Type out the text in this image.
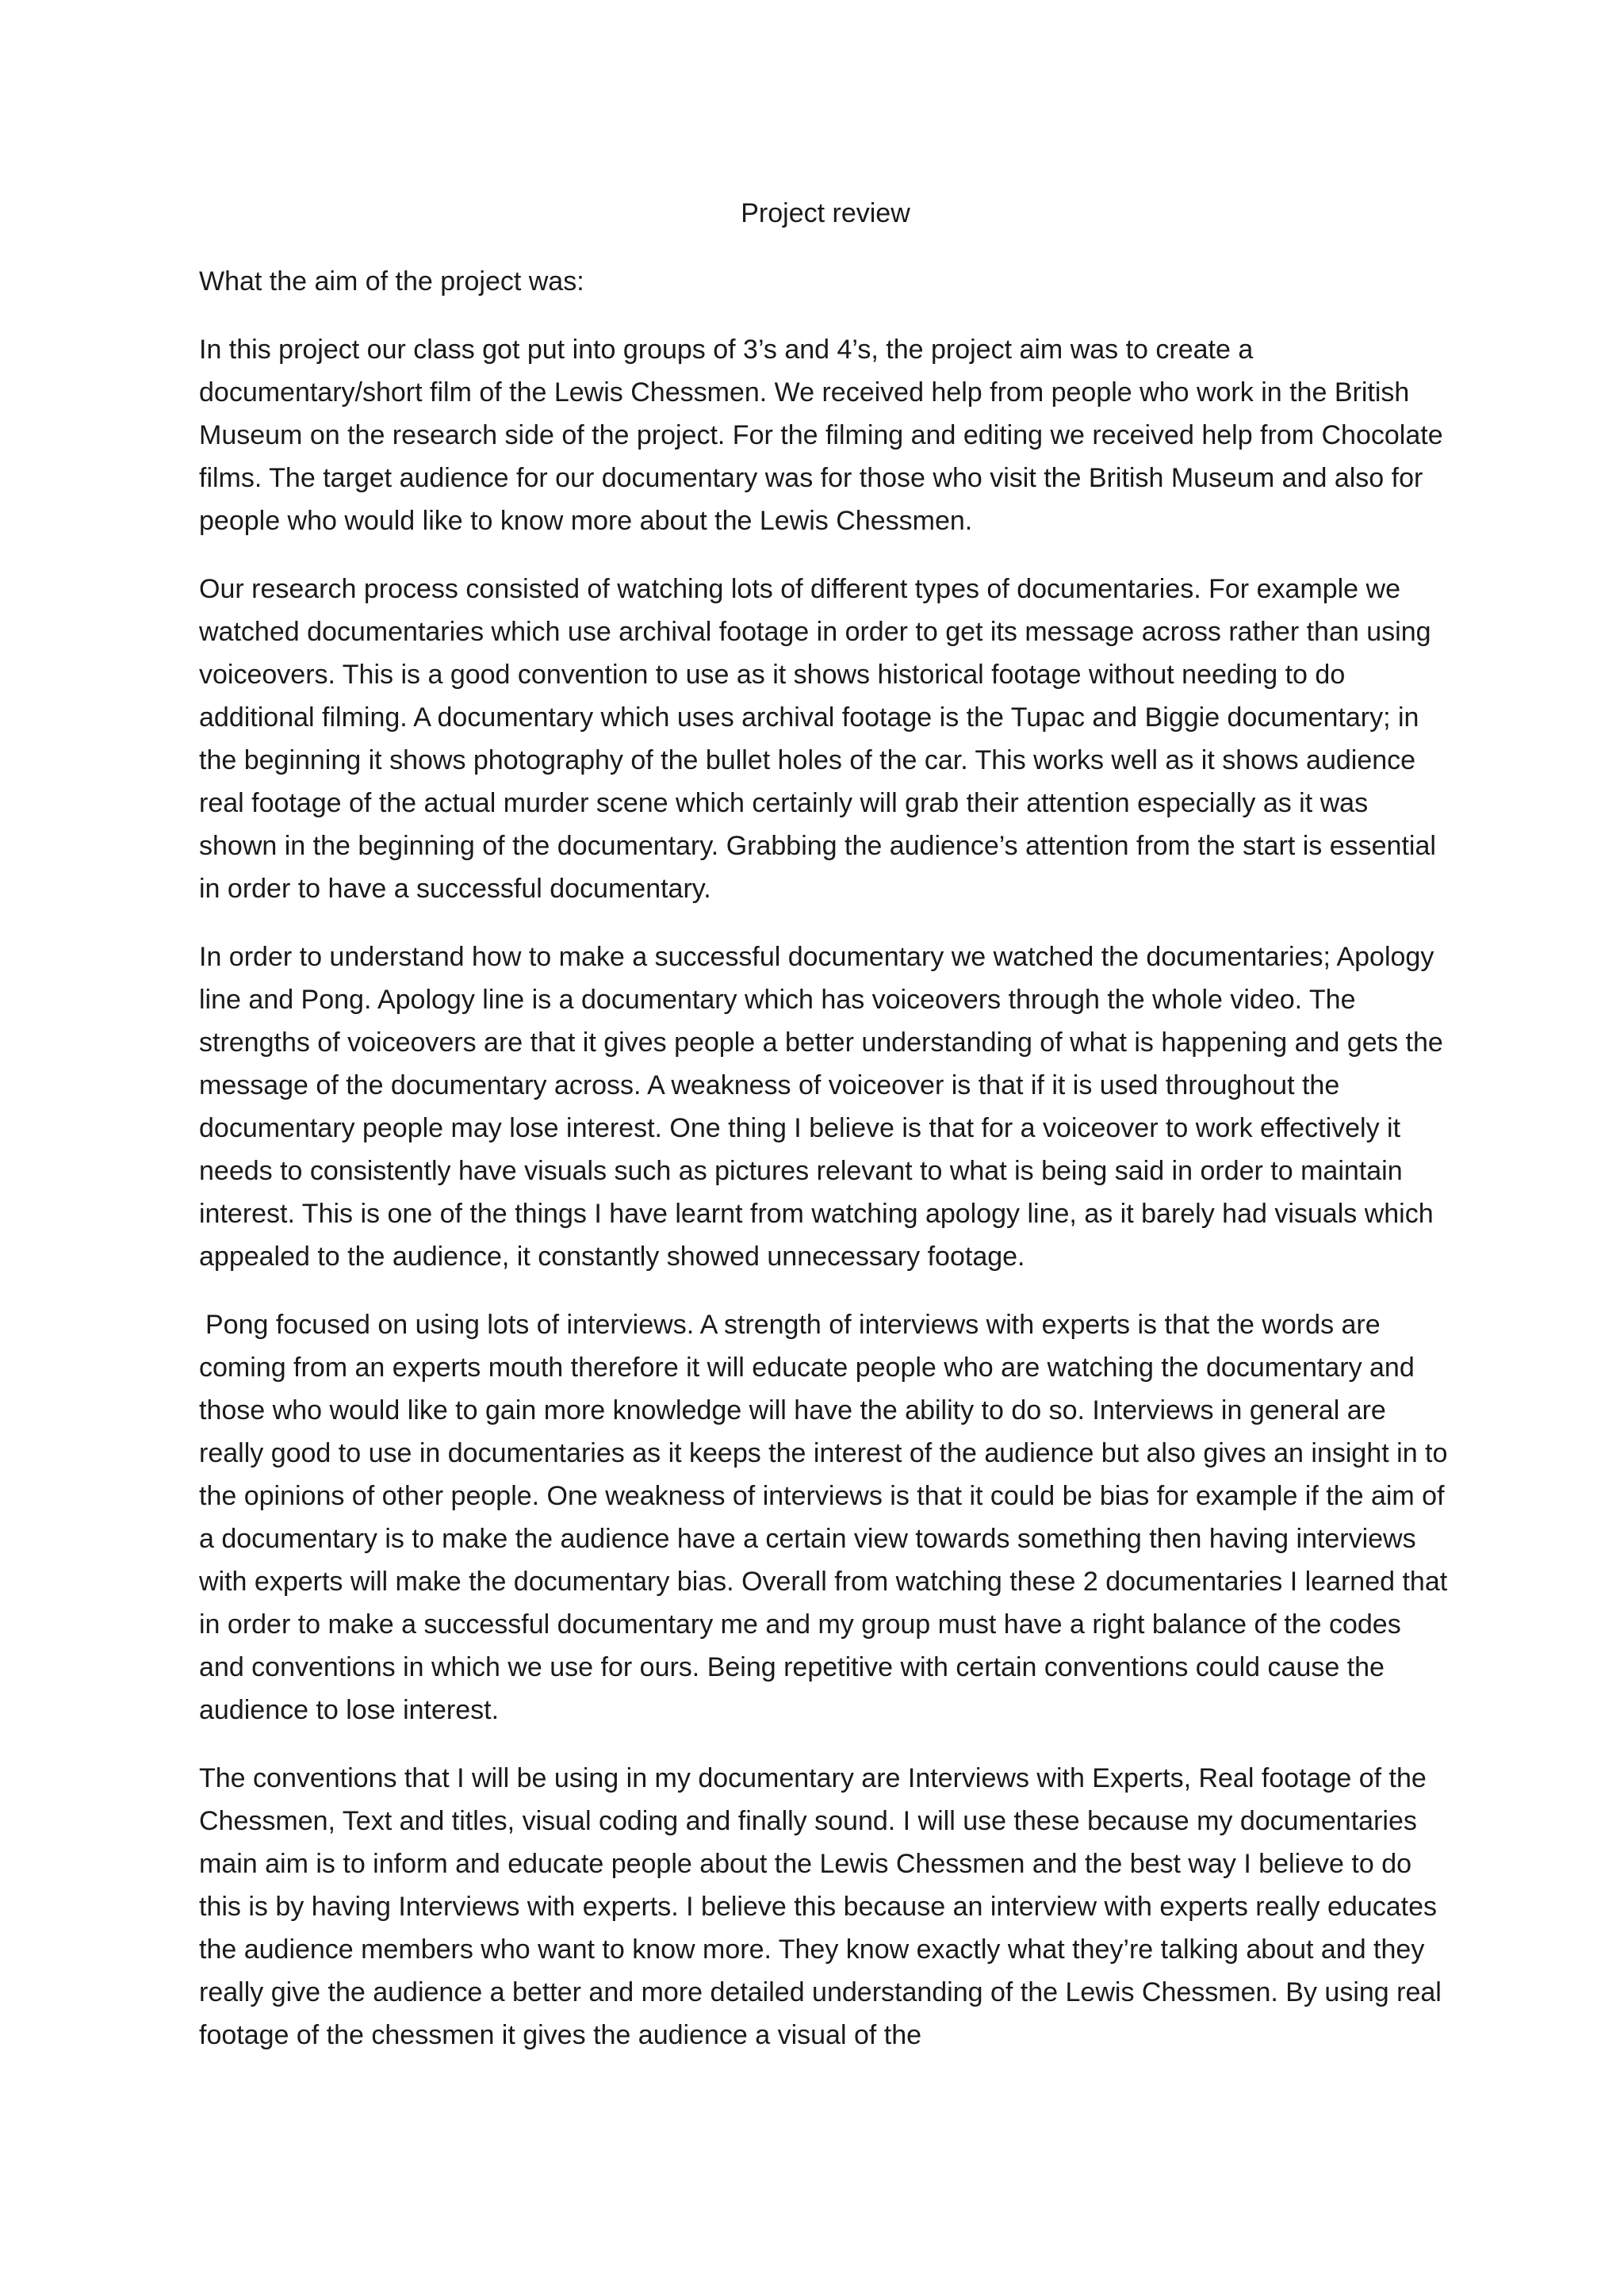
Project review
What the aim of the project was:

In this project our class got put into groups of 3’s and 4’s, the project aim was to create a documentary/short film of the Lewis Chessmen. We received help from people who work in the British Museum on the research side of the project. For the filming and editing we received help from Chocolate films. The target audience for our documentary was for those who visit the British Museum and also for people who would like to know more about the Lewis Chessmen.

Our research process consisted of watching lots of different types of documentaries. For example we watched documentaries which use archival footage in order to get its message across rather than using voiceovers. This is a good convention to use as it shows historical footage without needing to do additional filming. A documentary which uses archival footage is the Tupac and Biggie documentary; in the beginning it shows photography of the bullet holes of the car. This works well as it shows audience real footage of the actual murder scene which certainly will grab their attention especially as it was shown in the beginning of the documentary. Grabbing the audience’s attention from the start is essential in order to have a successful documentary.

In order to understand how to make a successful documentary we watched the documentaries; Apology line and Pong. Apology line is a documentary which has voiceovers through the whole video. The strengths of voiceovers are that it gives people a better understanding of what is happening and gets the message of the documentary across. A weakness of voiceover is that if it is used throughout the documentary people may lose interest. One thing I believe is that for a voiceover to work effectively it needs to consistently have visuals such as pictures relevant to what is being said in order to maintain interest. This is one of the things I have learnt from watching apology line, as it barely had visuals which appealed to the audience, it constantly showed unnecessary footage.

Pong focused on using lots of interviews. A strength of interviews with experts is that the words are coming from an experts mouth therefore it will educate people who are watching the documentary and those who would like to gain more knowledge will have the ability to do so. Interviews in general are really good to use in documentaries as it keeps the interest of the audience but also gives an insight in to the opinions of other people. One weakness of interviews is that it could be bias for example if the aim of a documentary is to make the audience have a certain view towards something then having interviews with experts will make the documentary bias. Overall from watching these 2 documentaries I learned that in order to make a successful documentary me and my group must have a right balance of the codes and conventions in which we use for ours. Being repetitive with certain conventions could cause the audience to lose interest.

The conventions that I will be using in my documentary are Interviews with Experts, Real footage of the Chessmen, Text and titles, visual coding and finally sound. I will use these because my documentaries main aim is to inform and educate people about the Lewis Chessmen and the best way I believe to do this is by having Interviews with experts. I believe this because an interview with experts really educates the audience members who want to know more. They know exactly what they’re talking about and they really give the audience a better and more detailed understanding of the Lewis Chessmen. By using real footage of the chessmen it gives the audience a visual of the
